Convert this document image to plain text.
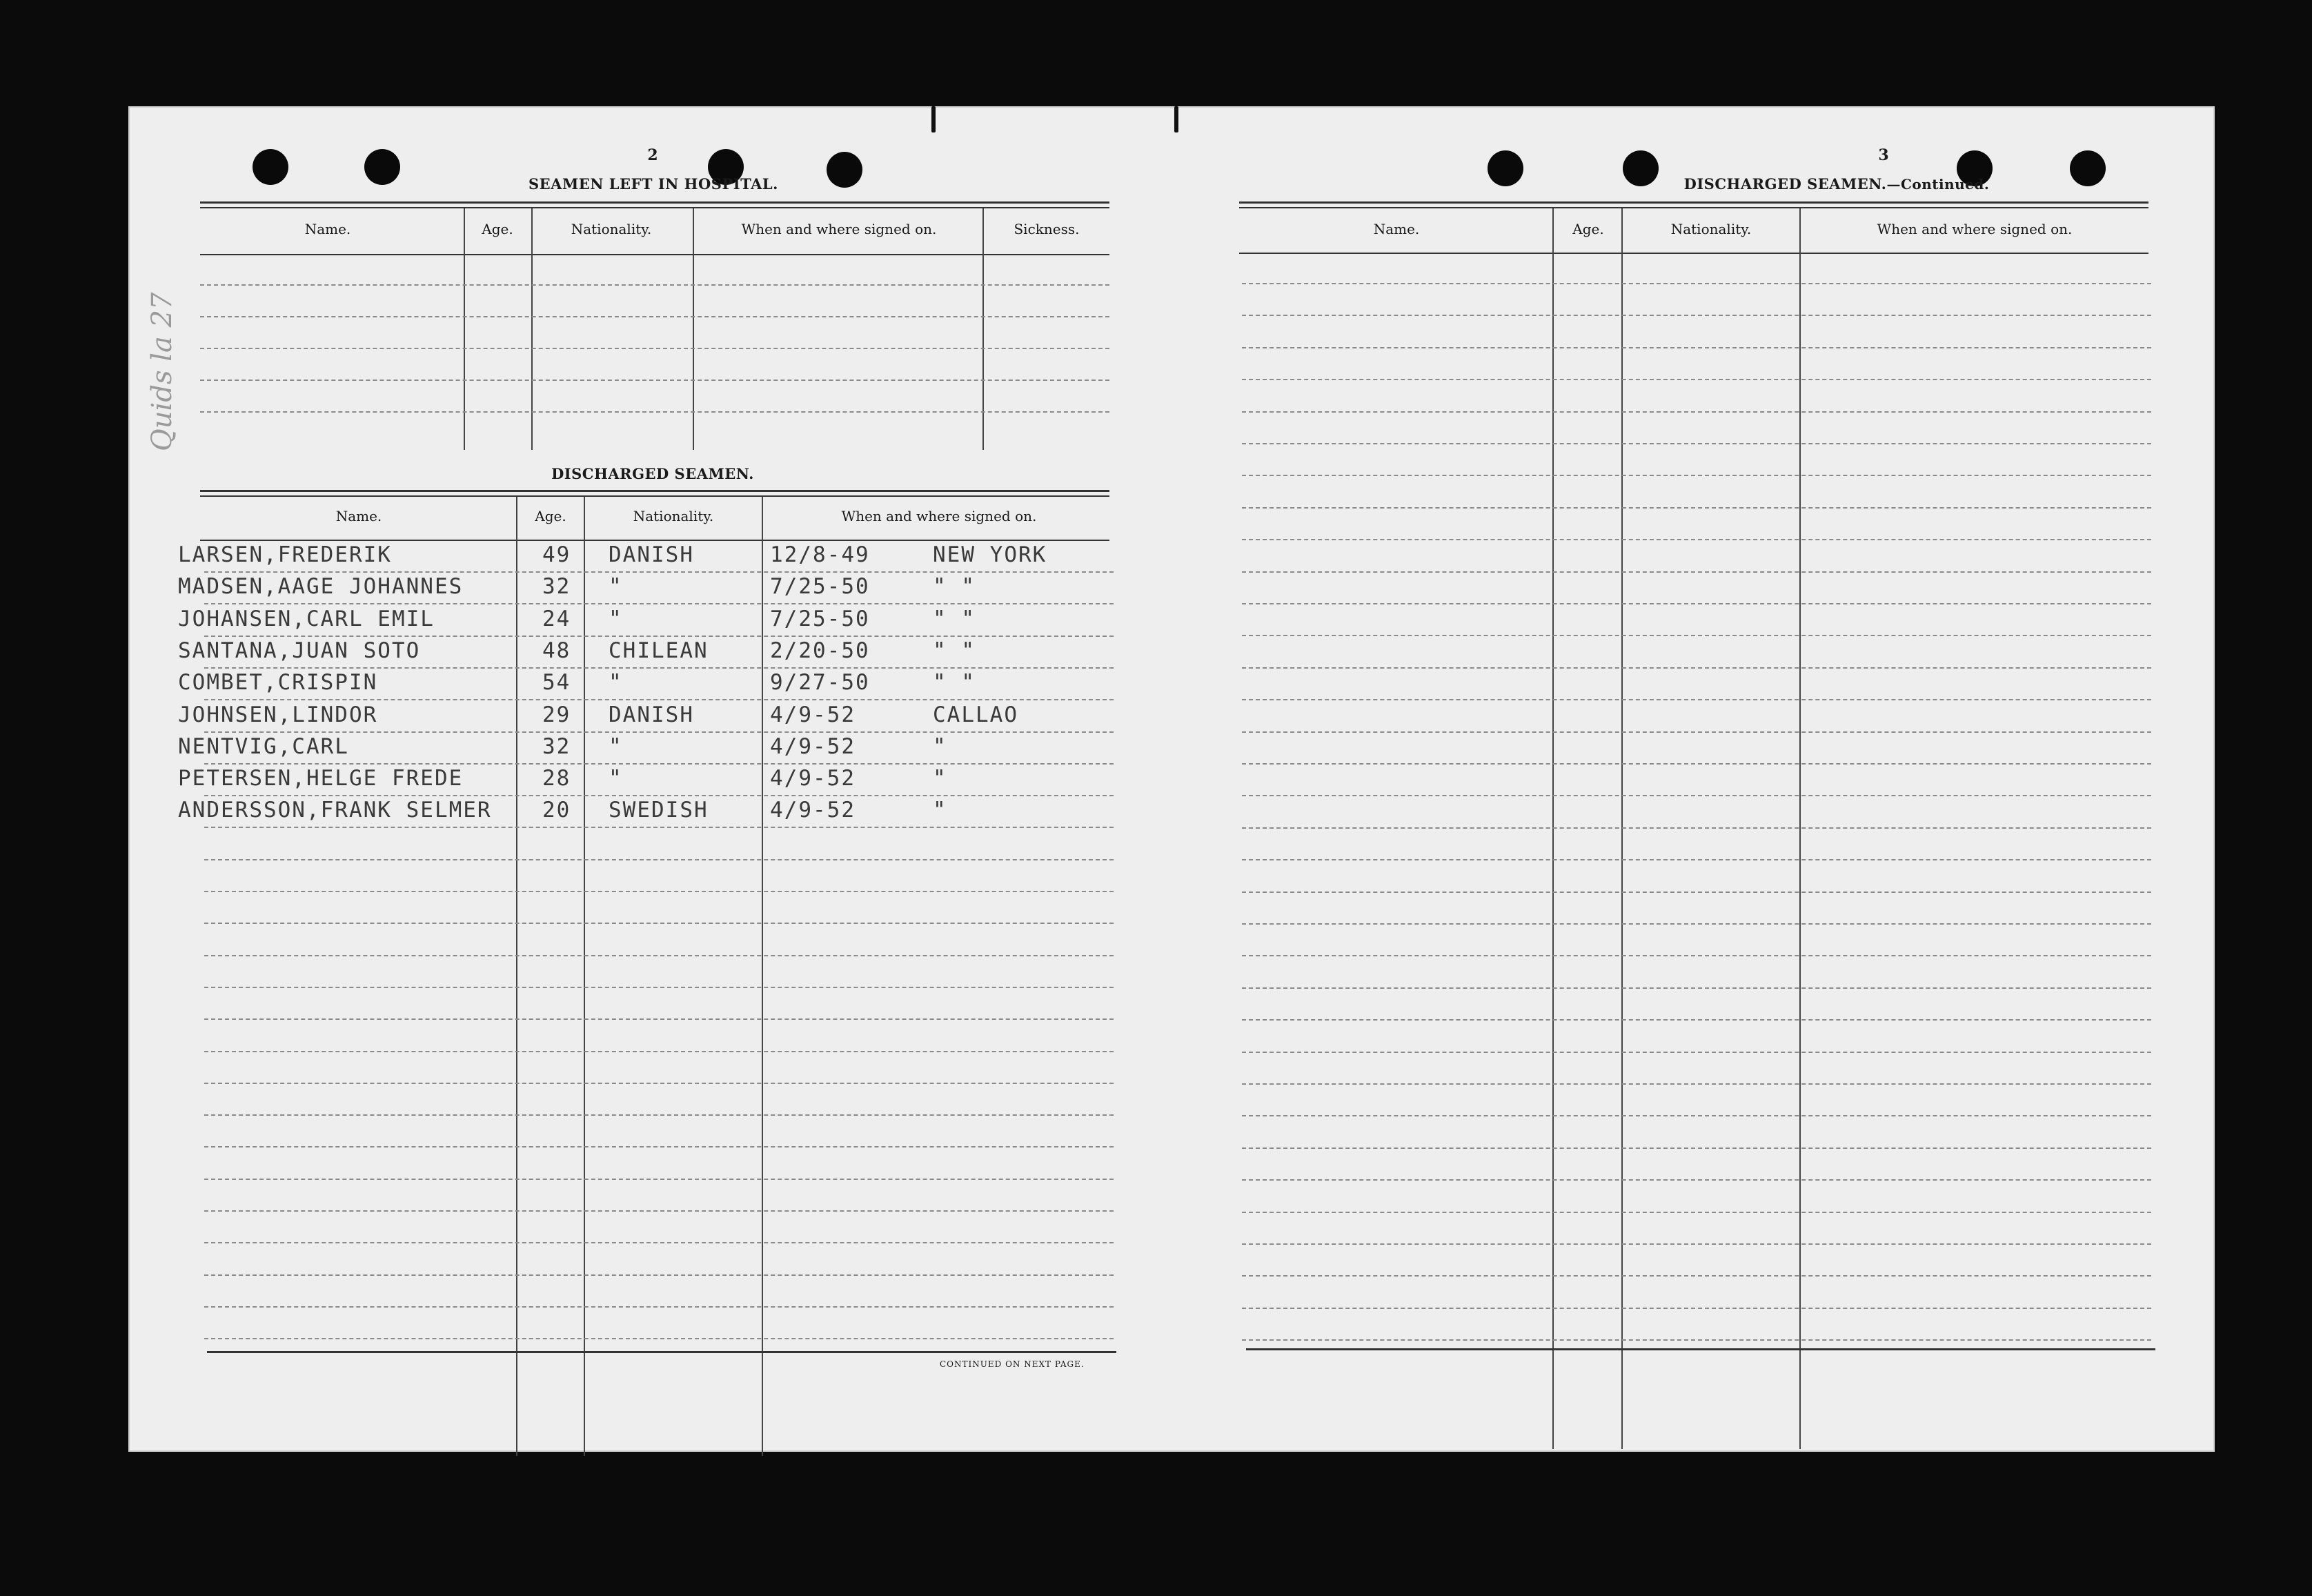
Quids la 27
2
SEAMEN LEFT IN HOSPITAL.
Name.	Age.	Nationality.	When and where signed on.	Sickness.
DISCHARGED SEAMEN.
Name.	Age.	Nationality.	When and where signed on.
LARSEN,FREDERIK	49 DANISH	12/8-49	NEW YORK
MADSEN,AAGE JOHANNES	32 "	7/25-50	" "
JOHANSEN,CARL EMIL	24 "	7/25-50	" "
SANTANA,JUAN SOTO	48 CHILEAN	2/20-50	" "
COMBET,CRISPIN	54 "	9/27-50	" "
JOHNSEN,LINDOR	29 DANISH	4/9-52	CALLAO
NENTVIG,CARL	32 "	4/9-52	"
PETERSEN,HELGE FREDE	28 "	4/9-52	"
ANDERSSON,FRANK SELMER 20 SWEDISH	4/9-52	"
CONTINUED ON NEXT PAGE.
3
DISCHARGED SEAMEN.—Continued.
Name.	Age.	Nationality.	When and where signed on.
